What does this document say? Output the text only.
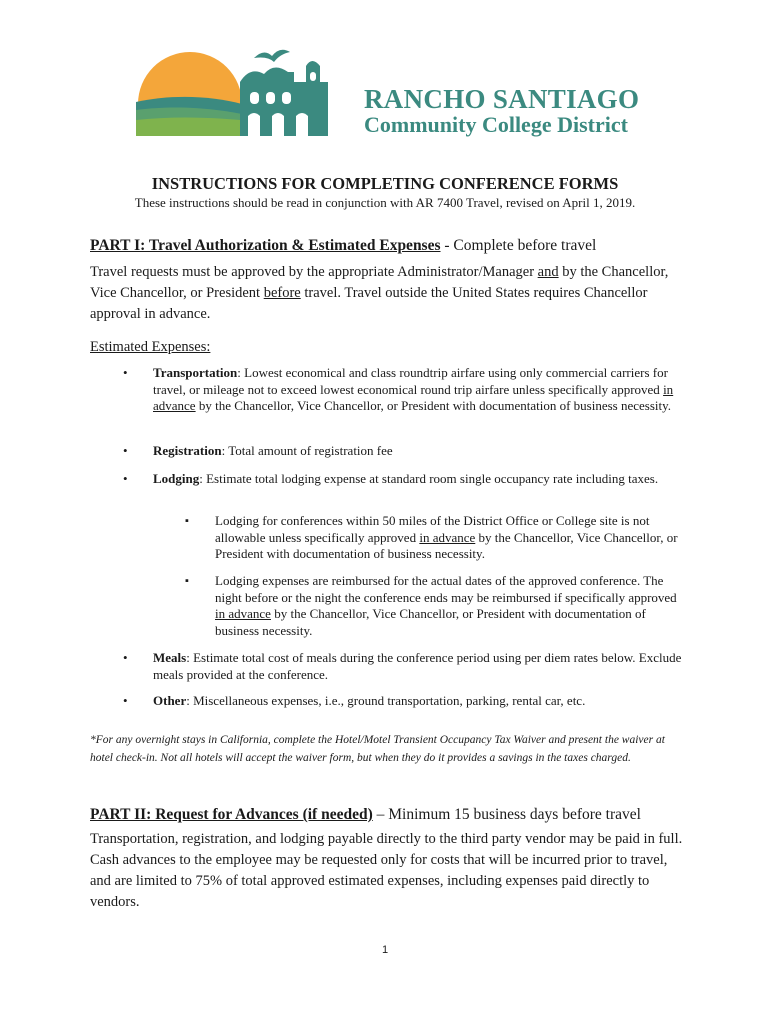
RANCHO SANTIAGO
Community College District
INSTRUCTIONS FOR COMPLETING CONFERENCE FORMS
These instructions should be read in conjunction with AR 7400 Travel, revised on April 1, 2019.
PART I: Travel Authorization & Estimated Expenses - Complete before travel
Travel requests must be approved by the appropriate Administrator/Manager and by the Chancellor, Vice Chancellor, or President before travel. Travel outside the United States requires Chancellor approval in advance.
Estimated Expenses:
• Transportation: Lowest economical and class roundtrip airfare using only commercial carriers for travel, or mileage not to exceed lowest economical round trip airfare unless specifically approved in advance by the Chancellor, Vice Chancellor, or President with documentation of business necessity.
• Registration: Total amount of registration fee
• Lodging: Estimate total lodging expense at standard room single occupancy rate including taxes.
▪ Lodging for conferences within 50 miles of the District Office or College site is not allowable unless specifically approved in advance by the Chancellor, Vice Chancellor, or President with documentation of business necessity.
▪ Lodging expenses are reimbursed for the actual dates of the approved conference. The night before or the night the conference ends may be reimbursed if specifically approved in advance by the Chancellor, Vice Chancellor, or President with documentation of business necessity.
• Meals: Estimate total cost of meals during the conference period using per diem rates below. Exclude meals provided at the conference.
• Other: Miscellaneous expenses, i.e., ground transportation, parking, rental car, etc.
*For any overnight stays in California, complete the Hotel/Motel Transient Occupancy Tax Waiver and present the waiver at hotel check-in. Not all hotels will accept the waiver form, but when they do it provides a savings in the taxes charged.
PART II: Request for Advances (if needed) – Minimum 15 business days before travel
Transportation, registration, and lodging payable directly to the third party vendor may be paid in full. Cash advances to the employee may be requested only for costs that will be incurred prior to travel, and are limited to 75% of total approved estimated expenses, including expenses paid directly to vendors.
1
